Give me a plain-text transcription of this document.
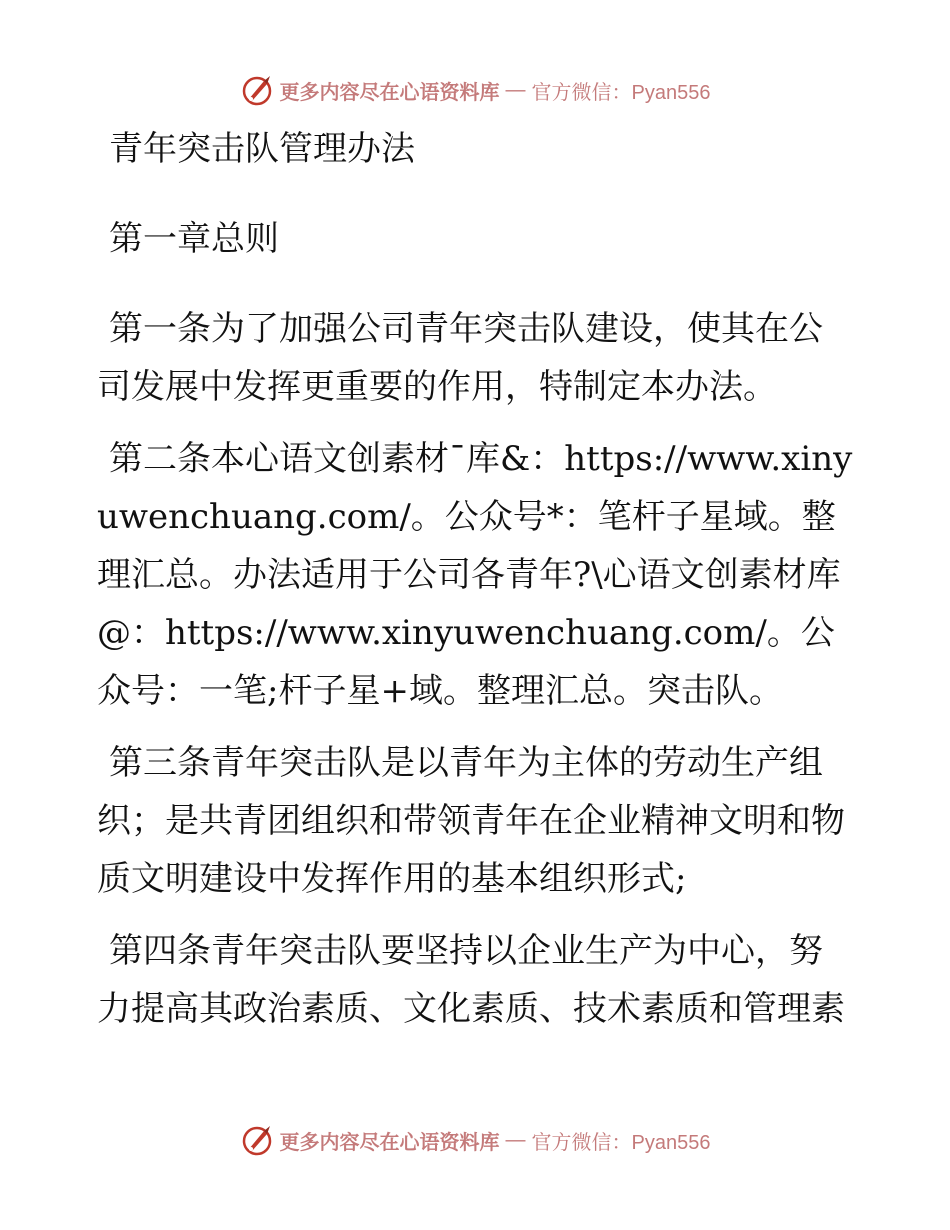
更多内容尽在心语资料库 — 官方微信：Pyan556

青年突击队管理办法

第一章总则

第一条为了加强公司青年突击队建设，使其在公司发展中发挥更重要的作用，特制定本办法。

第二条本心语文创素材¯库&：https://www.xinyuwenchuang.com/。公众号*：笔杆子星域。整理汇总。办法适用于公司各青年?\心语文创素材库@：https://www.xinyuwenchuang.com/。公众号：一笔;杆子星+域。整理汇总。突击队。

第三条青年突击队是以青年为主体的劳动生产组织；是共青团组织和带领青年在企业精神文明和物质文明建设中发挥作用的基本组织形式;

第四条青年突击队要坚持以企业生产为中心，努力提高其政治素质、文化素质、技术素质和管理素

更多内容尽在心语资料库 — 官方微信：Pyan556
